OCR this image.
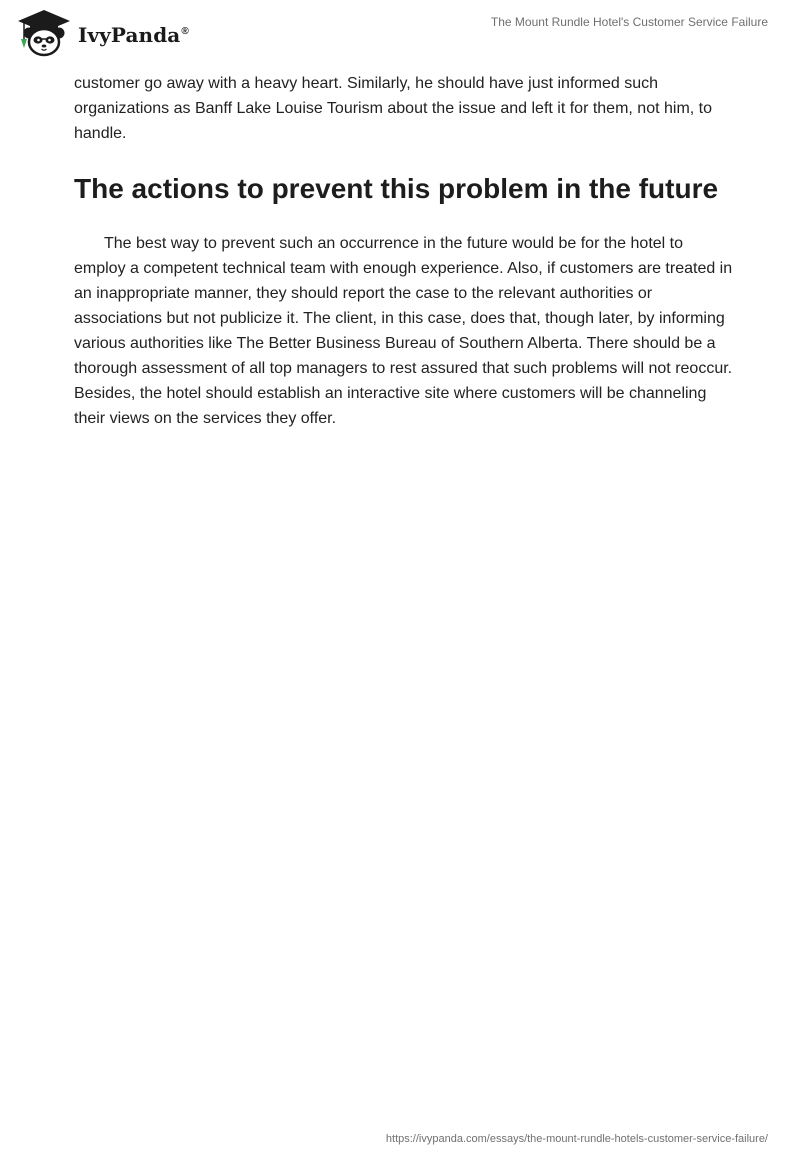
IvyPanda®
The Mount Rundle Hotel's Customer Service Failure

customer go away with a heavy heart. Similarly, he should have just informed such organizations as Banff Lake Louise Tourism about the issue and left it for them, not him, to handle.

The actions to prevent this problem in the future

The best way to prevent such an occurrence in the future would be for the hotel to employ a competent technical team with enough experience. Also, if customers are treated in an inappropriate manner, they should report the case to the relevant authorities or associations but not publicize it. The client, in this case, does that, though later, by informing various authorities like The Better Business Bureau of Southern Alberta. There should be a thorough assessment of all top managers to rest assured that such problems will not reoccur. Besides, the hotel should establish an interactive site where customers will be channeling their views on the services they offer.

https://ivypanda.com/essays/the-mount-rundle-hotels-customer-service-failure/
